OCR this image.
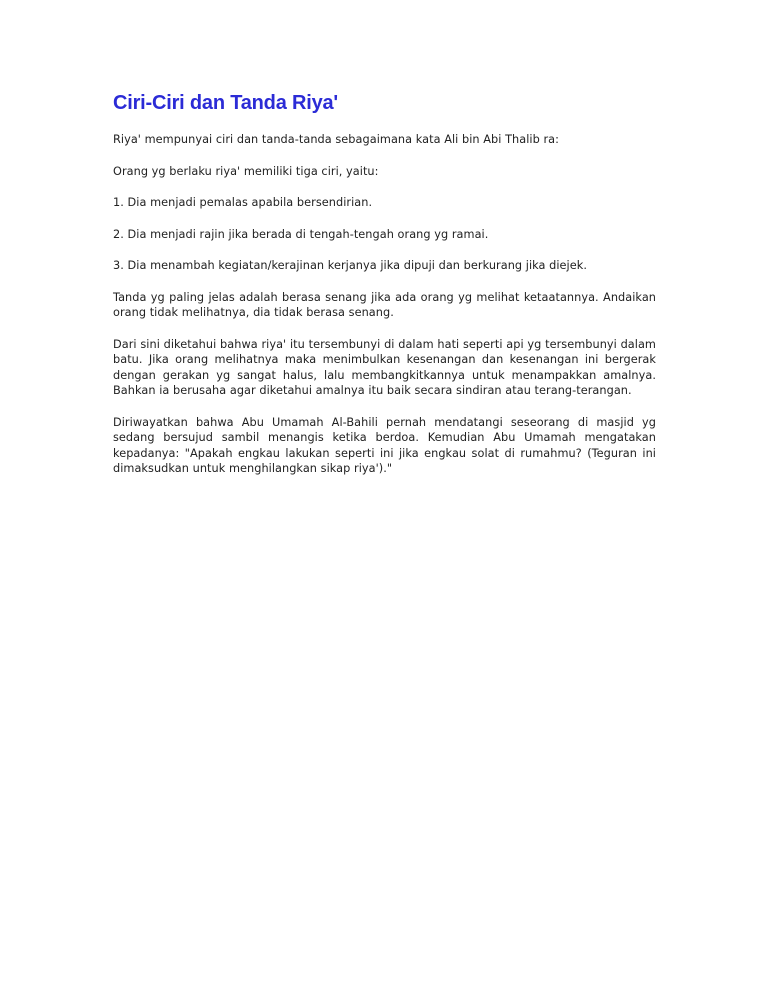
Ciri-Ciri dan Tanda Riya'

Riya' mempunyai ciri dan tanda-tanda sebagaimana kata Ali bin Abi Thalib ra:

Orang yg berlaku riya' memiliki tiga ciri, yaitu:

1. Dia menjadi pemalas apabila bersendirian.

2. Dia menjadi rajin jika berada di tengah-tengah orang yg ramai.

3. Dia menambah kegiatan/kerajinan kerjanya jika dipuji dan berkurang jika diejek.

Tanda yg paling jelas adalah berasa senang jika ada orang yg melihat ketaatannya. Andaikan orang tidak melihatnya, dia tidak berasa senang.

Dari sini diketahui bahwa riya' itu tersembunyi di dalam hati seperti api yg tersembunyi dalam batu. Jika orang melihatnya maka menimbulkan kesenangan dan kesenangan ini bergerak dengan gerakan yg sangat halus, lalu membangkitkannya untuk menampakkan amalnya. Bahkan ia berusaha agar diketahui amalnya itu baik secara sindiran atau terang-terangan.

Diriwayatkan bahwa Abu Umamah Al-Bahili pernah mendatangi seseorang di masjid yg sedang bersujud sambil menangis ketika berdoa. Kemudian Abu Umamah mengatakan kepadanya: "Apakah engkau lakukan seperti ini jika engkau solat di rumahmu? (Teguran ini dimaksudkan untuk menghilangkan sikap riya')."
